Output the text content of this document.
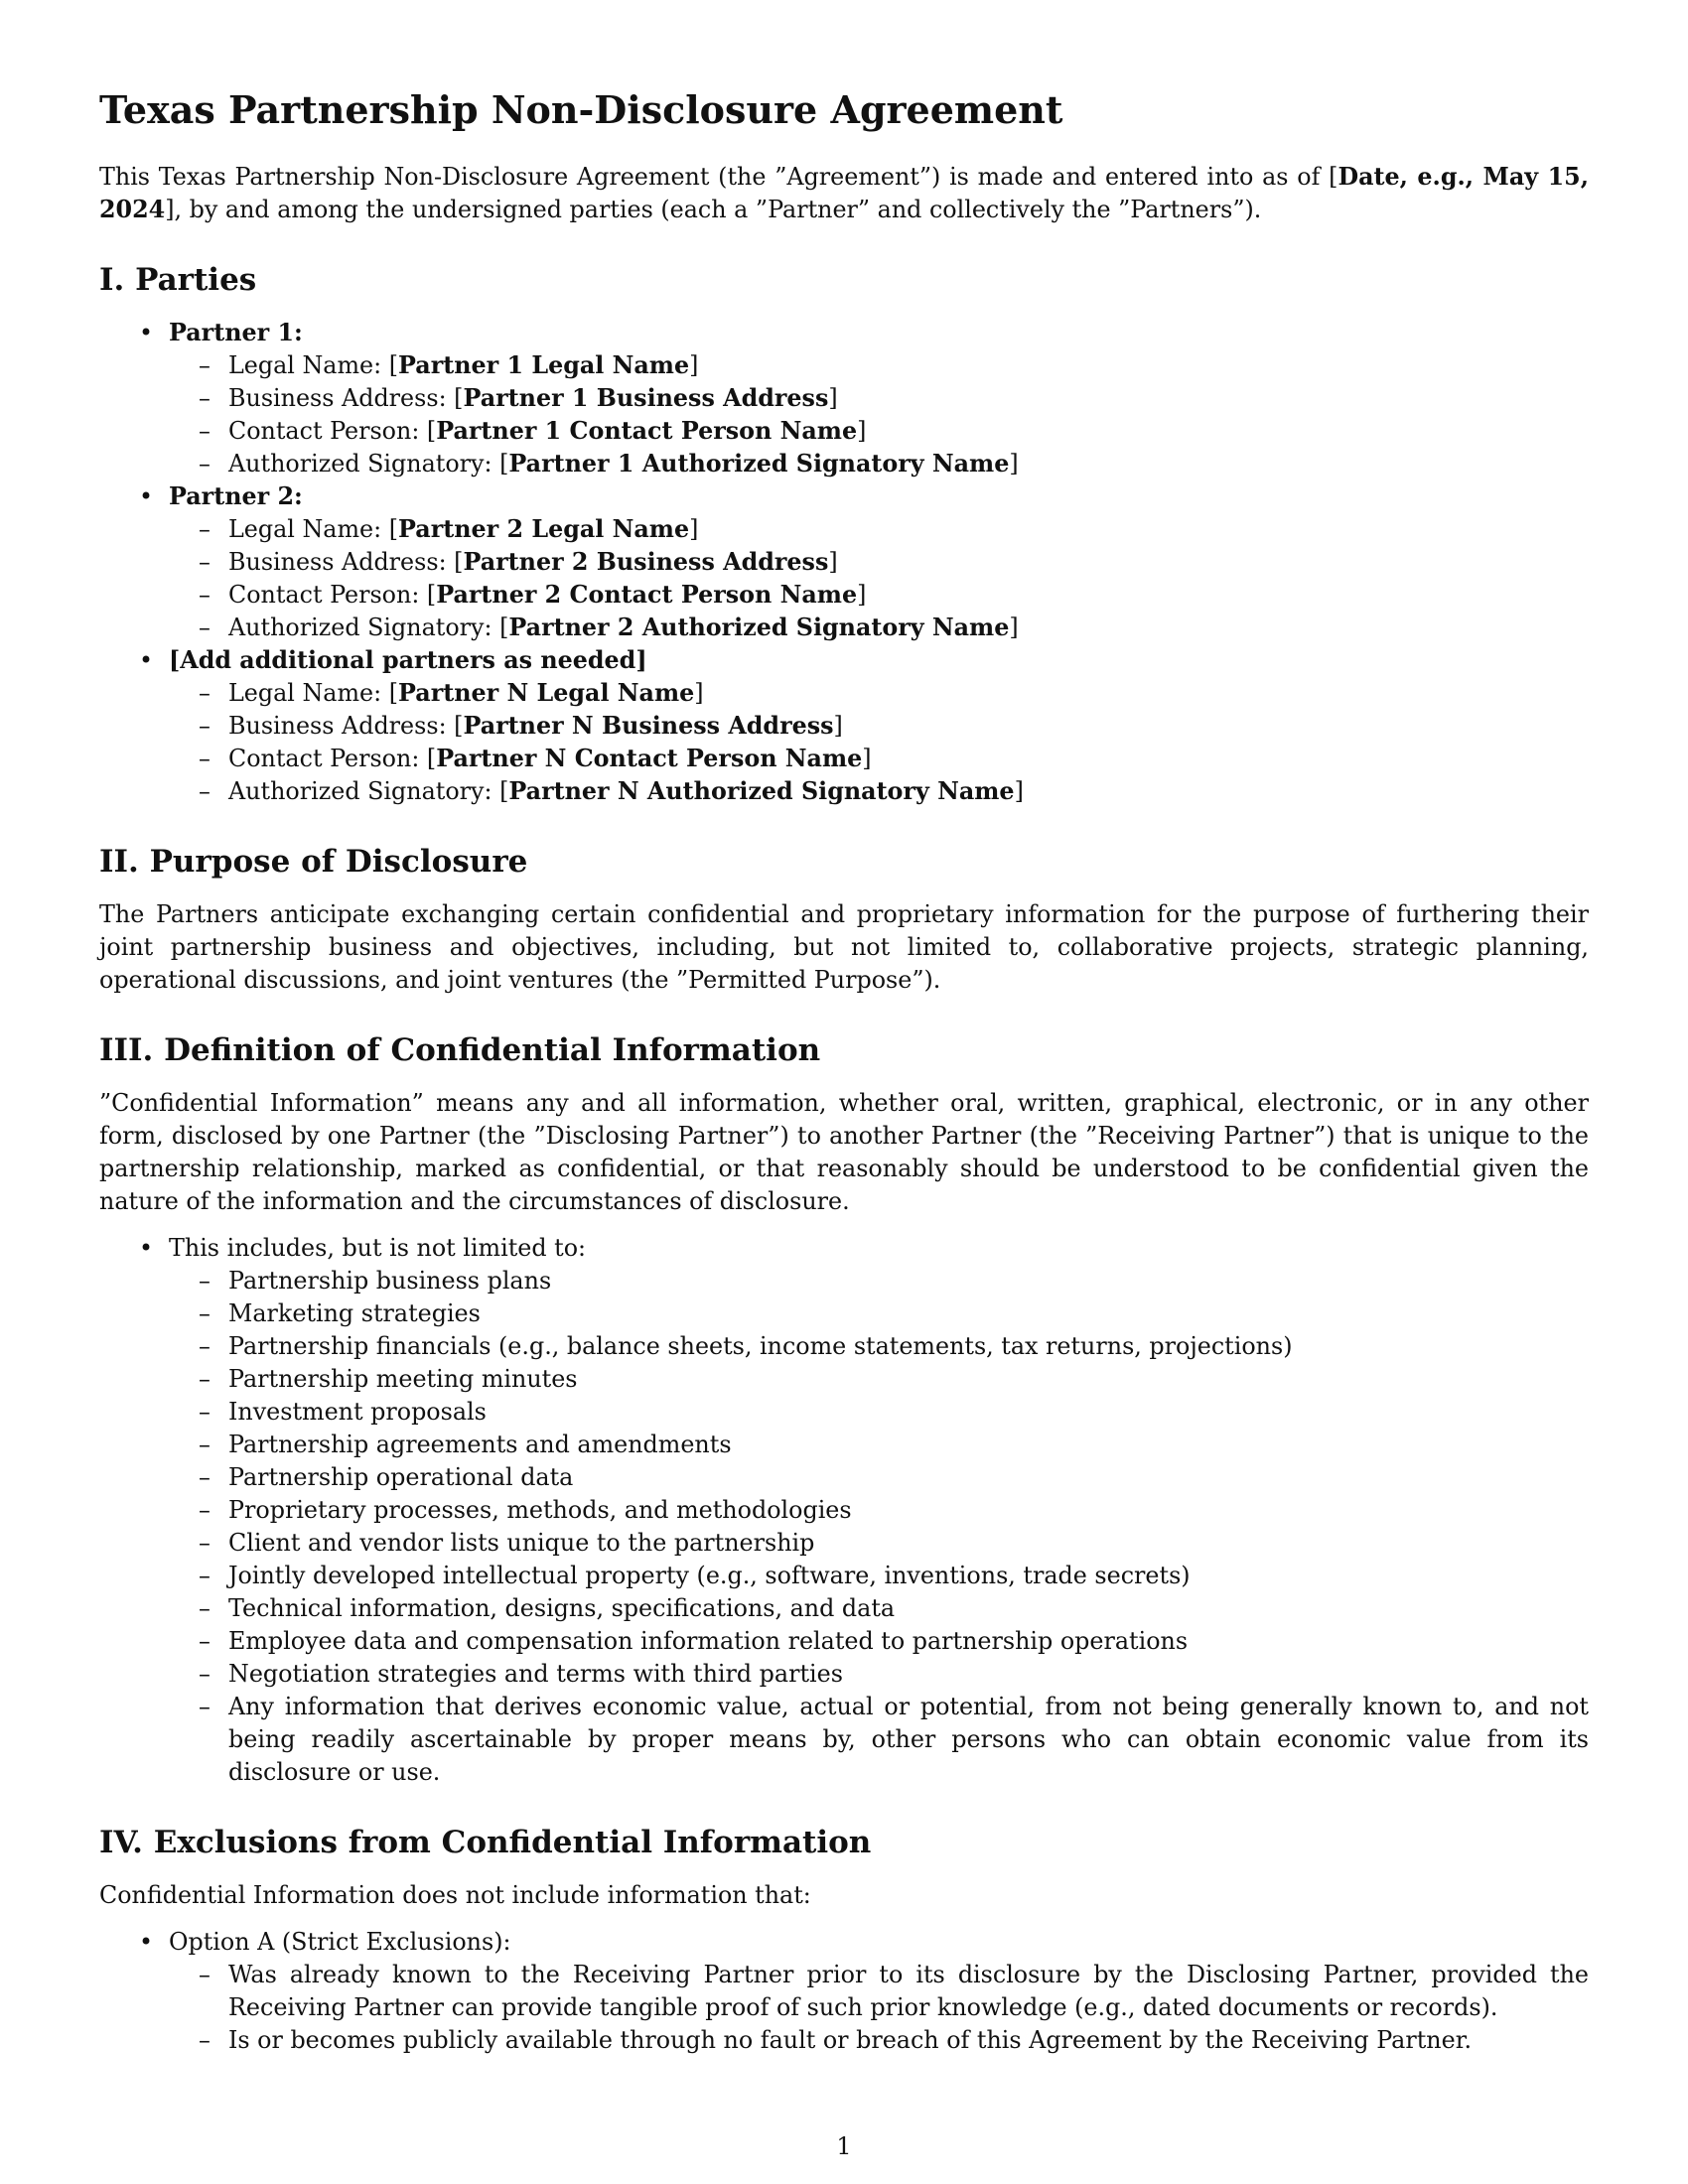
Texas Partnership Non-Disclosure Agreement

This Texas Partnership Non-Disclosure Agreement (the ”Agreement”) is made and entered into as of [Date, e.g., May 15, 2024], by and among the undersigned parties (each a ”Partner” and collectively the ”Partners”).

I. Parties
• Partner 1:
– Legal Name: [Partner 1 Legal Name]
– Business Address: [Partner 1 Business Address]
– Contact Person: [Partner 1 Contact Person Name]
– Authorized Signatory: [Partner 1 Authorized Signatory Name]
• Partner 2:
– Legal Name: [Partner 2 Legal Name]
– Business Address: [Partner 2 Business Address]
– Contact Person: [Partner 2 Contact Person Name]
– Authorized Signatory: [Partner 2 Authorized Signatory Name]
• [Add additional partners as needed]
– Legal Name: [Partner N Legal Name]
– Business Address: [Partner N Business Address]
– Contact Person: [Partner N Contact Person Name]
– Authorized Signatory: [Partner N Authorized Signatory Name]
II. Purpose of Disclosure

The Partners anticipate exchanging certain confidential and proprietary information for the purpose of furthering their joint partnership business and objectives, including, but not limited to, collaborative projects, strategic planning, operational discussions, and joint ventures (the ”Permitted Purpose”).

III. Definition of Confidential Information

”Confidential Information” means any and all information, whether oral, written, graphical, electronic, or in any other form, disclosed by one Partner (the ”Disclosing Partner”) to another Partner (the ”Receiving Partner”) that is unique to the partnership relationship, marked as confidential, or that reasonably should be understood to be confidential given the nature of the information and the circumstances of disclosure.

• This includes, but is not limited to:
– Partnership business plans
– Marketing strategies
– Partnership financials (e.g., balance sheets, income statements, tax returns, projections)
– Partnership meeting minutes
– Investment proposals
– Partnership agreements and amendments
– Partnership operational data
– Proprietary processes, methods, and methodologies
– Client and vendor lists unique to the partnership
– Jointly developed intellectual property (e.g., software, inventions, trade secrets)
– Technical information, designs, specifications, and data
– Employee data and compensation information related to partnership operations
– Negotiation strategies and terms with third parties
– Any information that derives economic value, actual or potential, from not being generally known to, and not being readily ascertainable by proper means by, other persons who can obtain economic value from its disclosure or use.
IV. Exclusions from Confidential Information

Confidential Information does not include information that:

• Option A (Strict Exclusions):
– Was already known to the Receiving Partner prior to its disclosure by the Disclosing Partner, provided the Receiving Partner can provide tangible proof of such prior knowledge (e.g., dated documents or records).
– Is or becomes publicly available through no fault or breach of this Agreement by the Receiving Partner.
1
